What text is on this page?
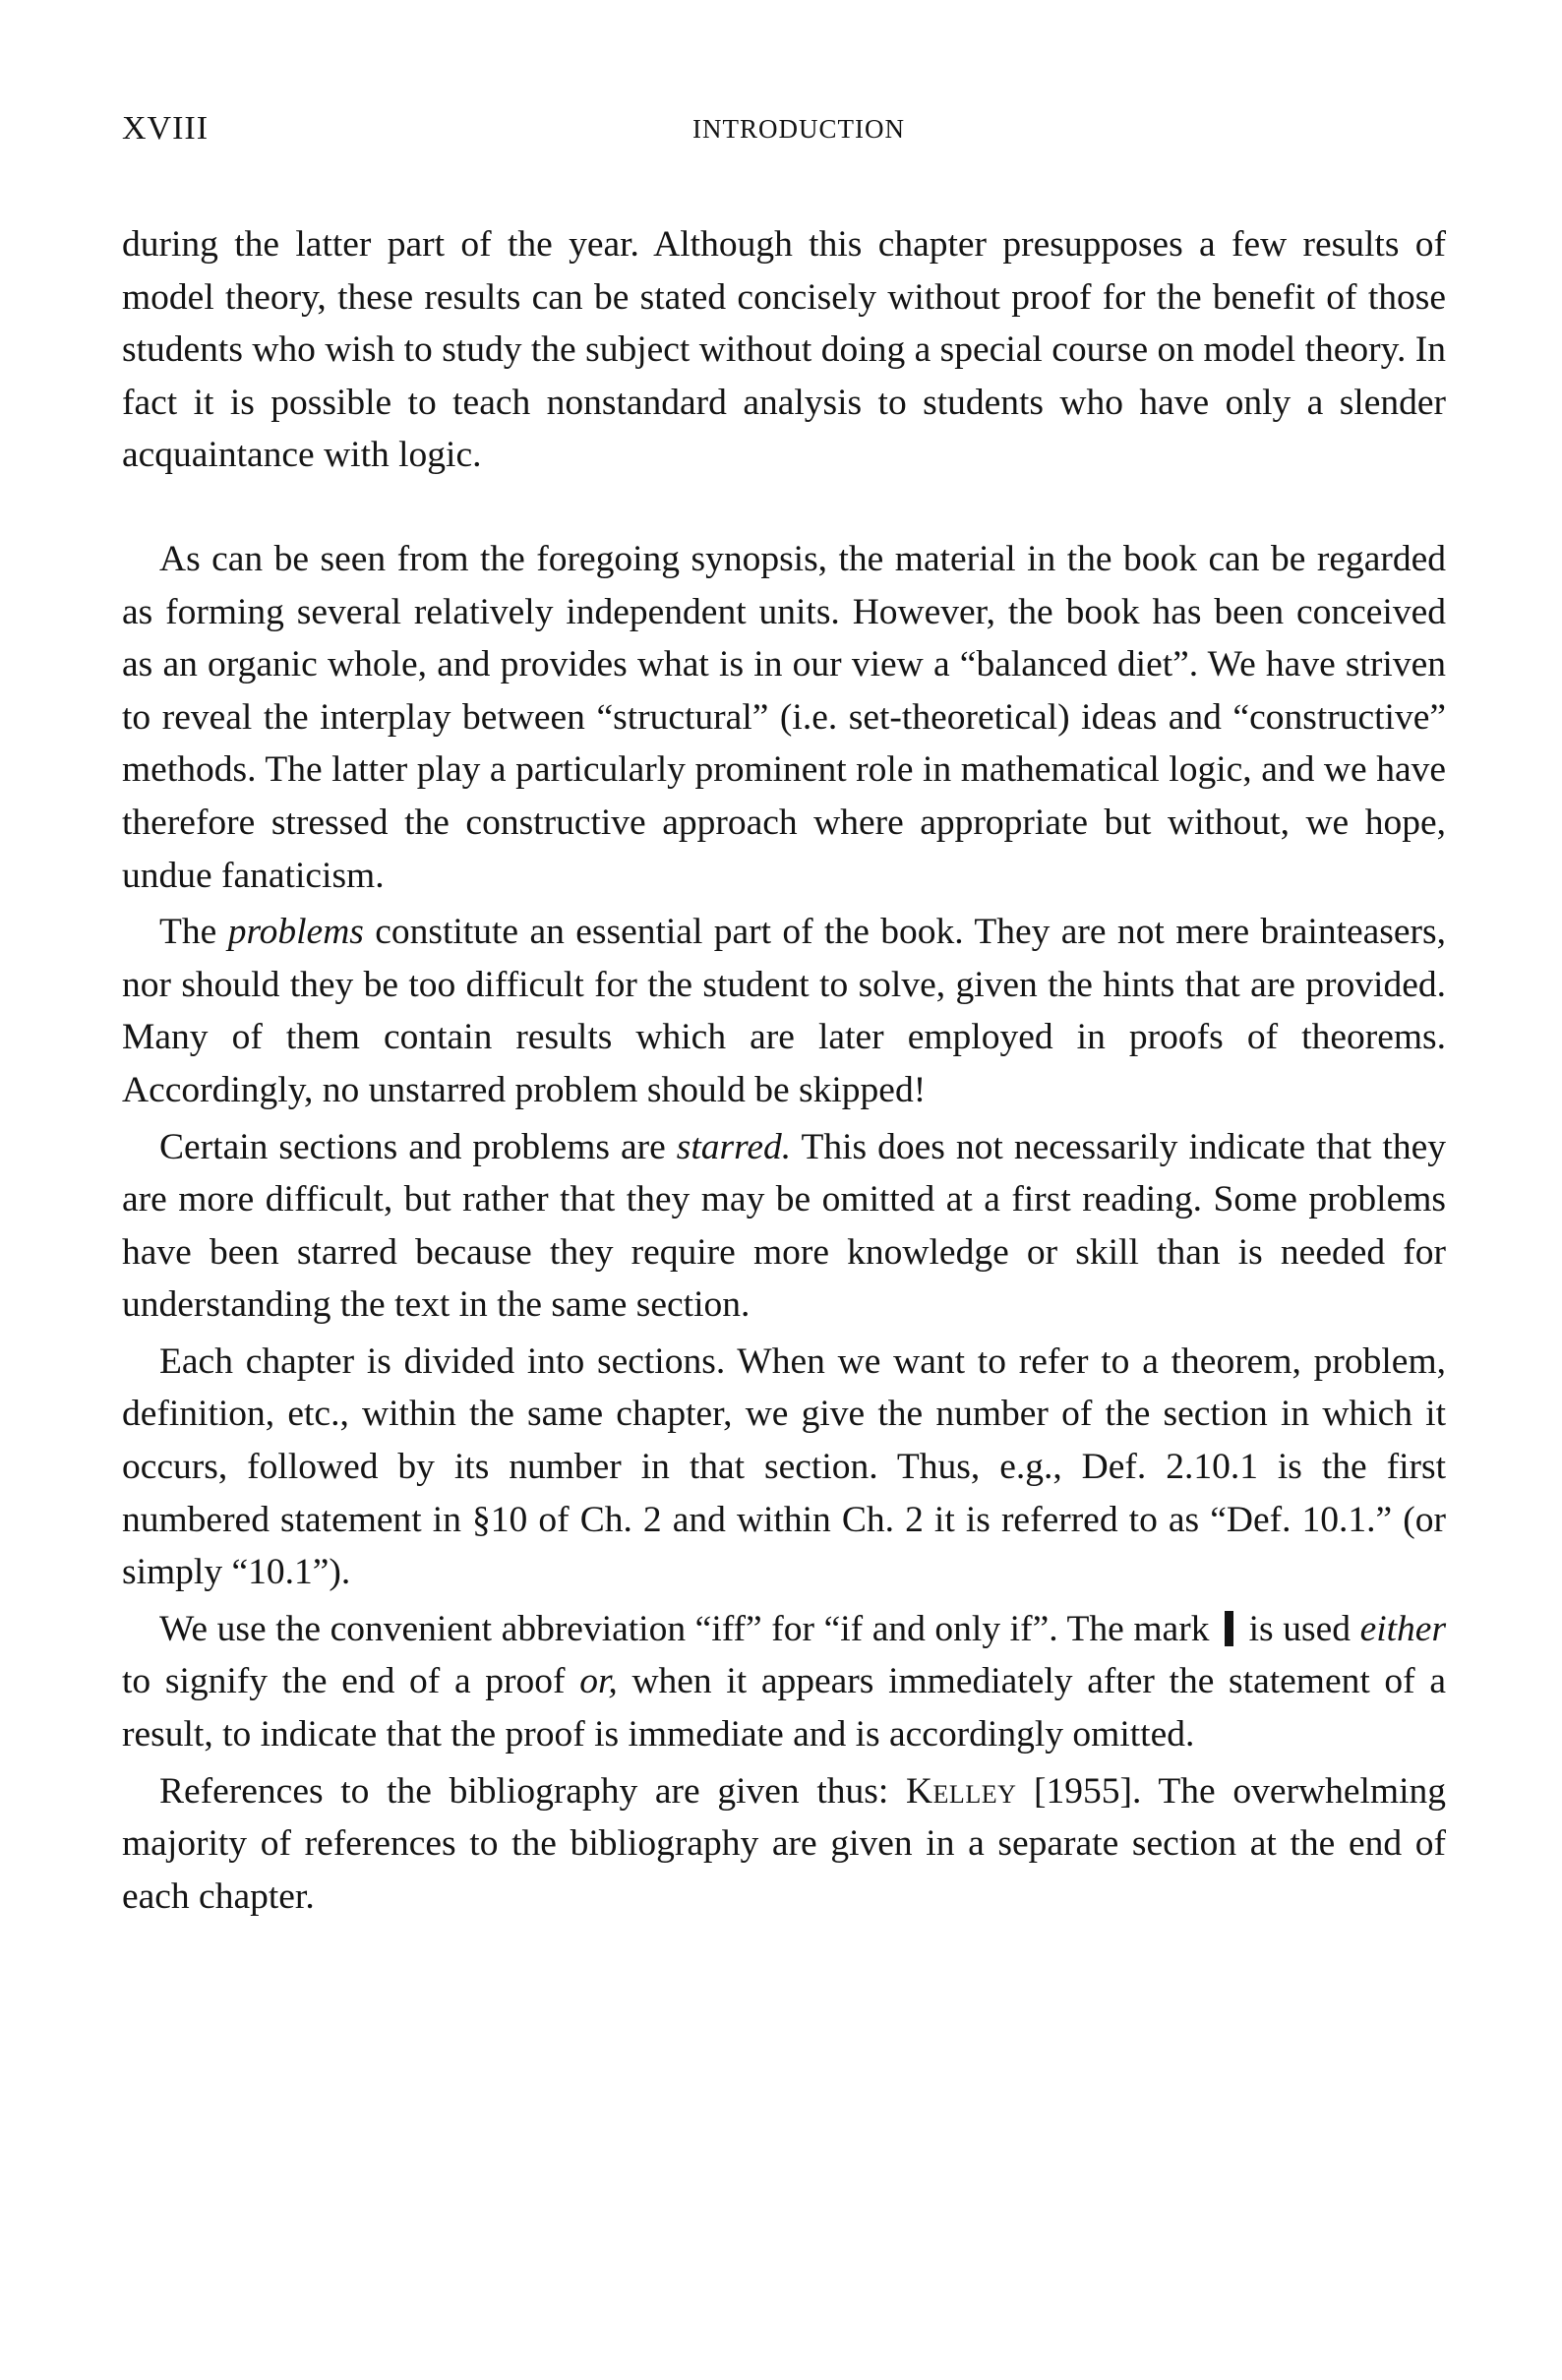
XVIII	INTRODUCTION

during the latter part of the year. Although this chapter presupposes a few results of model theory, these results can be stated concisely without proof for the benefit of those students who wish to study the subject without doing a special course on model theory. In fact it is possible to teach nonstandard analysis to students who have only a slender acquaintance with logic.

As can be seen from the foregoing synopsis, the material in the book can be regarded as forming several relatively independent units. However, the book has been conceived as an organic whole, and provides what is in our view a “balanced diet”. We have striven to reveal the interplay between “structural” (i.e. set-theoretical) ideas and “constructive” methods. The latter play a particularly prominent role in mathematical logic, and we have therefore stressed the constructive approach where appropriate but without, we hope, undue fanaticism.

The problems constitute an essential part of the book. They are not mere brainteasers, nor should they be too difficult for the student to solve, given the hints that are provided. Many of them contain results which are later employed in proofs of theorems. Accordingly, no unstarred problem should be skipped!

Certain sections and problems are starred. This does not necessarily indicate that they are more difficult, but rather that they may be omitted at a first reading. Some problems have been starred because they require more knowledge or skill than is needed for understanding the text in the same section.

Each chapter is divided into sections. When we want to refer to a theorem, problem, definition, etc., within the same chapter, we give the number of the section in which it occurs, followed by its number in that section. Thus, e.g., Def. 2.10.1 is the first numbered statement in §10 of Ch. 2 and within Ch. 2 it is referred to as “Def. 10.1.” (or simply “10.1”).

We use the convenient abbreviation “iff” for “if and only if”. The mark is used either to signify the end of a proof or, when it appears immediately after the statement of a result, to indicate that the proof is immediate and is accordingly omitted.

References to the bibliography are given thus: Kelley [1955]. The overwhelming majority of references to the bibliography are given in a separate section at the end of each chapter.
